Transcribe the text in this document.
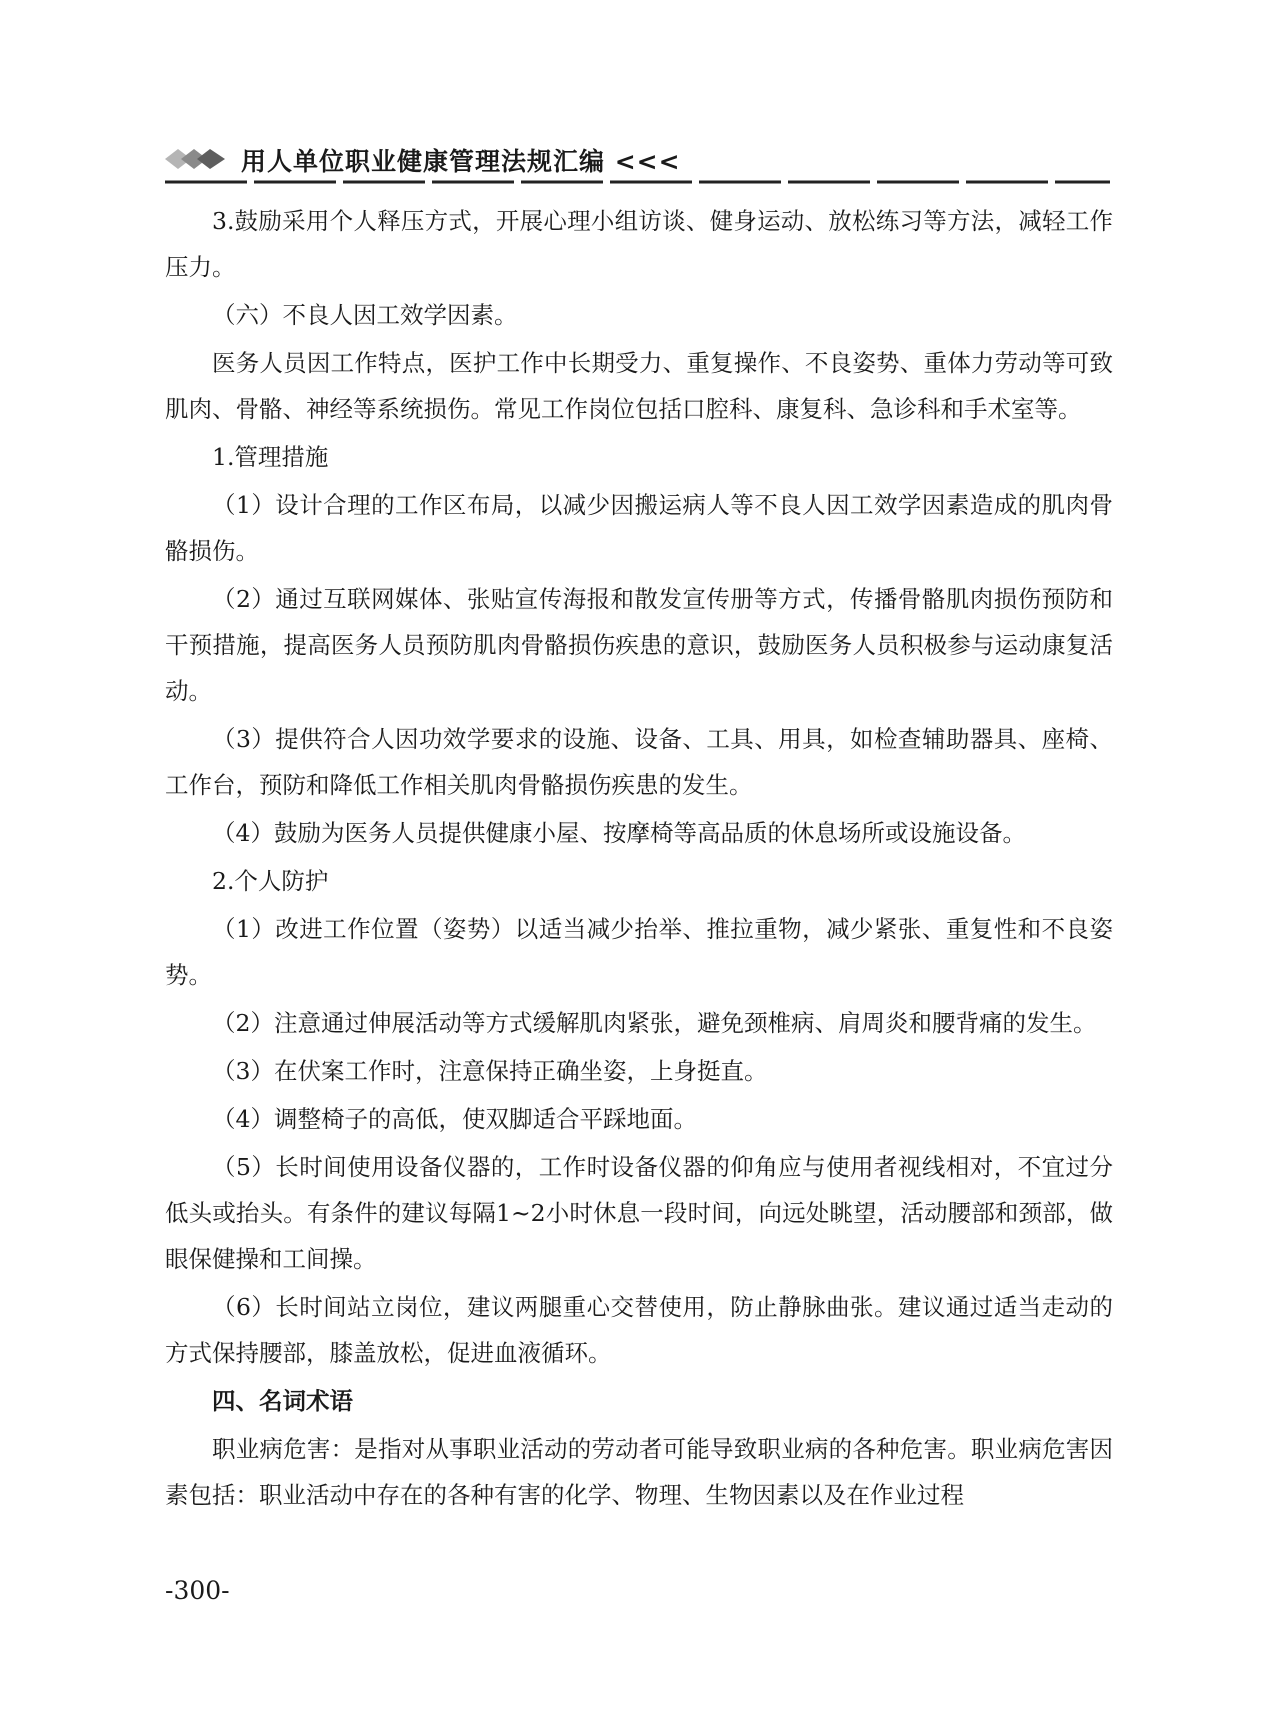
用人单位职业健康管理法规汇编 <<<

3.鼓励采用个人释压方式，开展心理小组访谈、健身运动、放松练习等方法，减轻工作压力。

（六）不良人因工效学因素。

医务人员因工作特点，医护工作中长期受力、重复操作、不良姿势、重体力劳动等可致肌肉、骨骼、神经等系统损伤。常见工作岗位包括口腔科、康复科、急诊科和手术室等。

1.管理措施

（1）设计合理的工作区布局，以减少因搬运病人等不良人因工效学因素造成的肌肉骨骼损伤。

（2）通过互联网媒体、张贴宣传海报和散发宣传册等方式，传播骨骼肌肉损伤预防和干预措施，提高医务人员预防肌肉骨骼损伤疾患的意识，鼓励医务人员积极参与运动康复活动。

（3）提供符合人因功效学要求的设施、设备、工具、用具，如检查辅助器具、座椅、工作台，预防和降低工作相关肌肉骨骼损伤疾患的发生。

（4）鼓励为医务人员提供健康小屋、按摩椅等高品质的休息场所或设施设备。

2.个人防护

（1）改进工作位置（姿势）以适当减少抬举、推拉重物，减少紧张、重复性和不良姿势。

（2）注意通过伸展活动等方式缓解肌肉紧张，避免颈椎病、肩周炎和腰背痛的发生。

（3）在伏案工作时，注意保持正确坐姿，上身挺直。

（4）调整椅子的高低，使双脚适合平踩地面。

（5）长时间使用设备仪器的，工作时设备仪器的仰角应与使用者视线相对，不宜过分低头或抬头。有条件的建议每隔1~2小时休息一段时间，向远处眺望，活动腰部和颈部，做眼保健操和工间操。

（6）长时间站立岗位，建议两腿重心交替使用，防止静脉曲张。建议通过适当走动的方式保持腰部，膝盖放松，促进血液循环。

四、名词术语

职业病危害：是指对从事职业活动的劳动者可能导致职业病的各种危害。职业病危害因素包括：职业活动中存在的各种有害的化学、物理、生物因素以及在作业过程

-300-
